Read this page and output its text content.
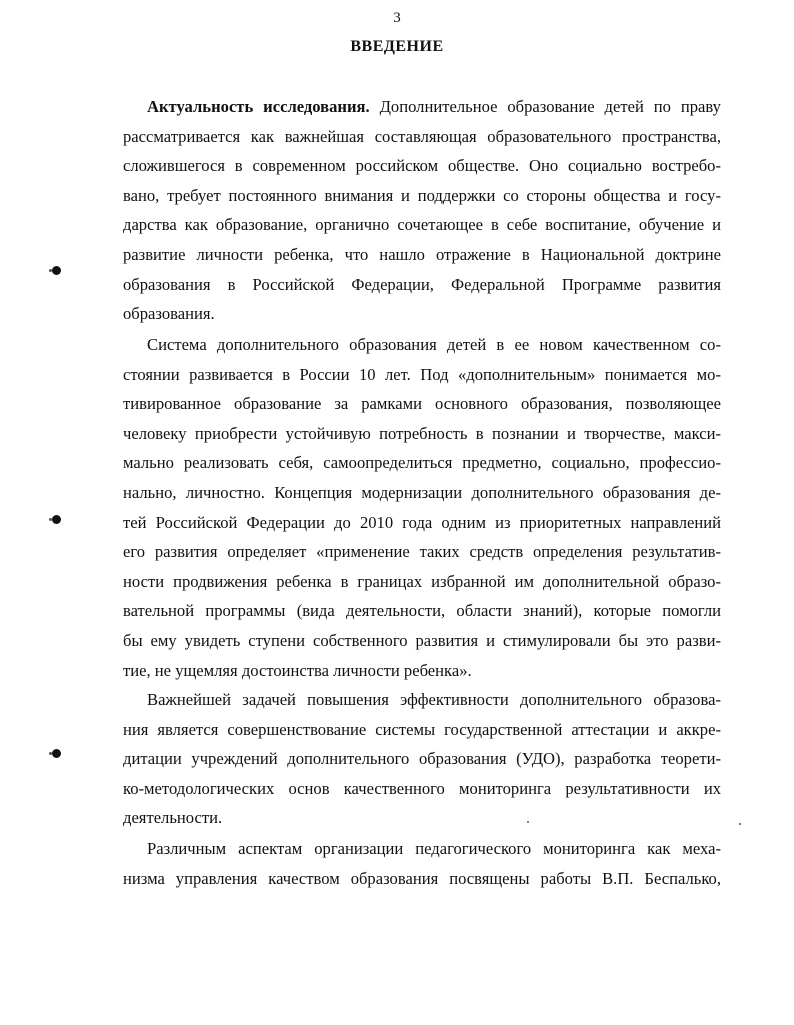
3
ВВЕДЕНИЕ
Актуальность исследования. Дополнительное образование детей по праву
рассматривается как важнейшая составляющая образовательного пространства,
сложившегося в современном российском обществе. Оно социально востребо-
вано, требует постоянного внимания и поддержки со стороны общества и госу-
дарства как образование, органично сочетающее в себе воспитание, обучение и
развитие личности ребенка, что нашло отражение в Национальной доктрине
образования в Российской Федерации, Федеральной Программе развития
образования.
Система дополнительного образования детей в ее новом качественном со-
стоянии развивается в России 10 лет. Под «дополнительным» понимается мо-
тивированное образование за рамками основного образования, позволяющее
человеку приобрести устойчивую потребность в познании и творчестве, макси-
мально реализовать себя, самоопределиться предметно, социально, профессио-
нально, личностно. Концепция модернизации дополнительного образования де-
тей Российской Федерации до 2010 года одним из приоритетных направлений
его развития определяет «применение таких средств определения результатив-
ности продвижения ребенка в границах избранной им дополнительной образо-
вательной программы (вида деятельности, области знаний), которые помогли
бы ему увидеть ступени собственного развития и стимулировали бы это разви-
тие, не ущемляя достоинства личности ребенка».
Важнейшей задачей повышения эффективности дополнительного образова-
ния является совершенствование системы государственной аттестации и аккре-
дитации учреждений дополнительного образования (УДО), разработка теорети-
ко-методологических основ качественного мониторинга результативности их
деятельности.
Различным аспектам организации педагогического мониторинга как меха-
низма управления качеством образования посвящены работы В.П. Беспалько,
